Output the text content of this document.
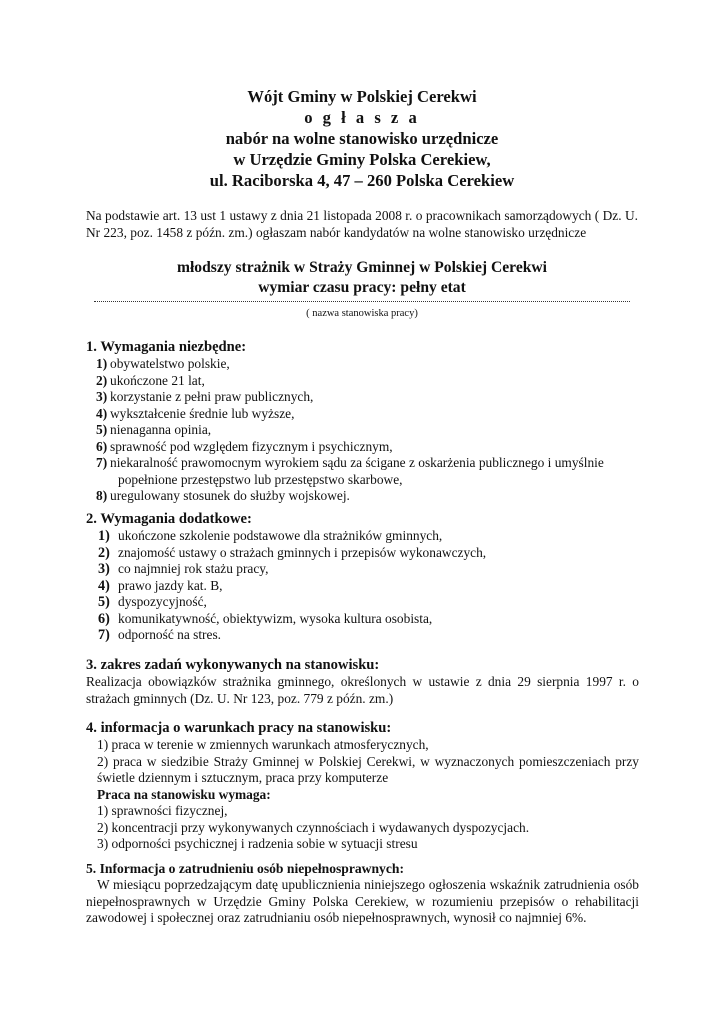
Wójt Gminy w Polskiej Cerekwi
o g ł a s z a
nabór na wolne stanowisko urzędnicze
w Urzędzie Gminy Polska Cerekiew,
ul. Raciborska 4, 47 – 260 Polska Cerekiew
Na podstawie art. 13 ust 1 ustawy z dnia 21 listopada 2008 r. o pracownikach samorządowych ( Dz. U. Nr 223, poz. 1458 z późn. zm.) ogłaszam nabór kandydatów na wolne stanowisko urzędnicze
młodszy strażnik w Straży Gminnej w Polskiej Cerekwi
wymiar czasu pracy: pełny etat
( nazwa stanowiska pracy)
1. Wymagania niezbędne:
1) obywatelstwo polskie,
2) ukończone 21 lat,
3) korzystanie z pełni praw publicznych,
4) wykształcenie średnie lub wyższe,
5) nienaganna opinia,
6) sprawność pod względem fizycznym i psychicznym,
7) niekaralność prawomocnym wyrokiem sądu za ścigane z oskarżenia publicznego i umyślnie
popełnione przestępstwo lub przestępstwo skarbowe,
8) uregulowany stosunek do służby wojskowej.
2. Wymagania dodatkowe:
1) ukończone szkolenie podstawowe dla strażników gminnych,
2) znajomość ustawy o strażach gminnych i przepisów wykonawczych,
3) co najmniej rok stażu pracy,
4) prawo jazdy kat. B,
5) dyspozycyjność,
6) komunikatywność, obiektywizm, wysoka kultura osobista,
7) odporność na stres.
3. zakres zadań wykonywanych na stanowisku:
Realizacja obowiązków strażnika gminnego, określonych w ustawie z dnia 29 sierpnia 1997 r. o strażach gminnych (Dz. U. Nr 123, poz. 779 z późn. zm.)
4. informacja o warunkach pracy na stanowisku:
1) praca w terenie w zmiennych warunkach atmosferycznych,
2) praca w siedzibie Straży Gminnej w Polskiej Cerekwi, w wyznaczonych pomieszczeniach przy świetle dziennym i sztucznym, praca przy komputerze
Praca na stanowisku wymaga:
1) sprawności fizycznej,
2) koncentracji przy wykonywanych czynnościach i wydawanych dyspozycjach.
3) odporności psychicznej i radzenia sobie w sytuacji stresu
5. Informacja o zatrudnieniu osób niepełnosprawnych:
W miesiącu poprzedzającym datę upublicznienia niniejszego ogłoszenia wskaźnik zatrudnienia osób niepełnosprawnych w Urzędzie Gminy Polska Cerekiew, w rozumieniu przepisów o rehabilitacji zawodowej i społecznej oraz zatrudnianiu osób niepełnosprawnych, wynosił co najmniej 6%.
